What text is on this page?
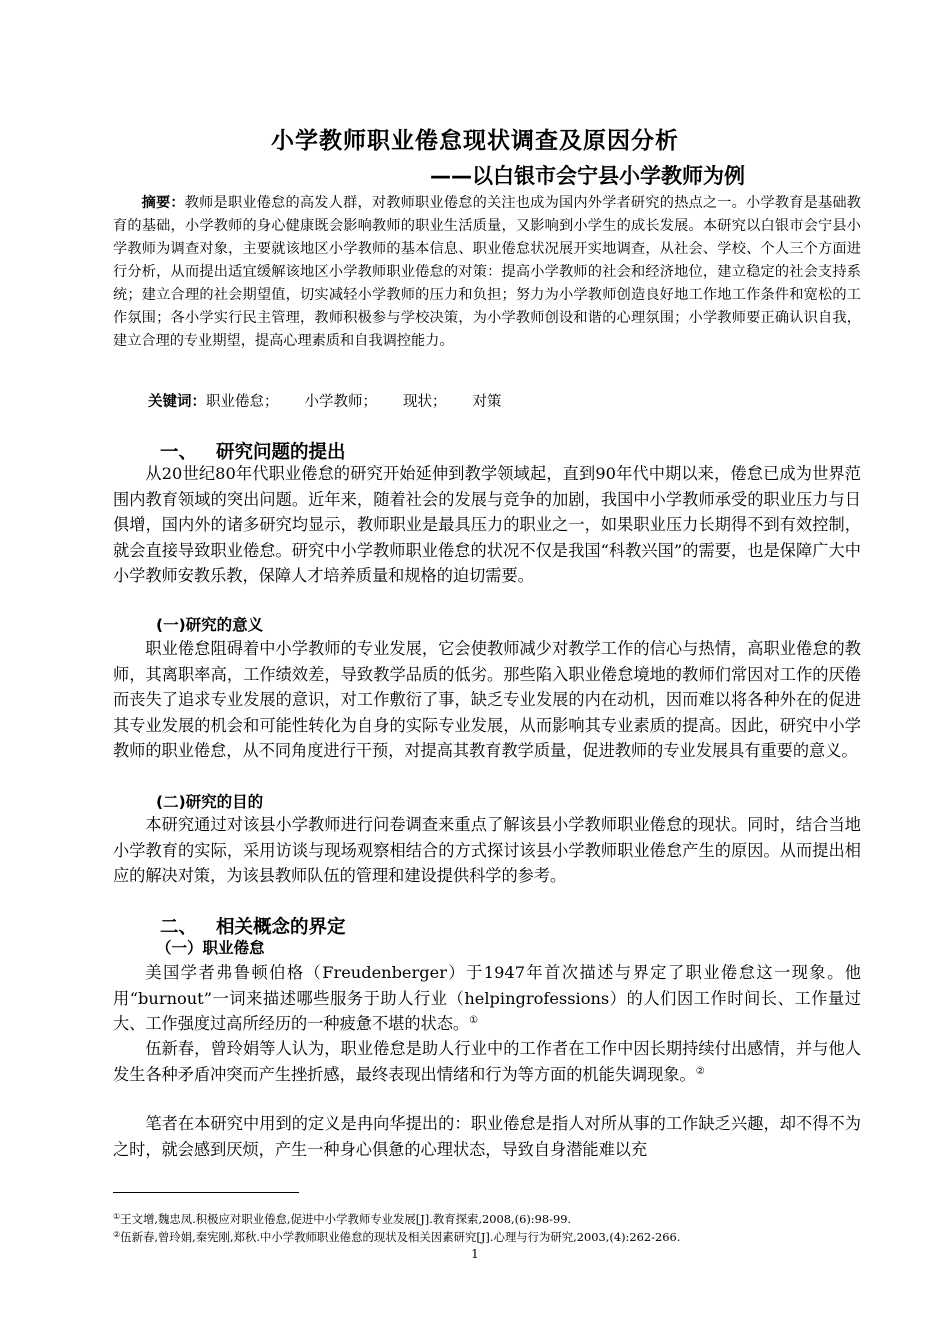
小学教师职业倦怠现状调查及原因分析
——以白银市会宁县小学教师为例
  摘要：教师是职业倦怠的高发人群，对教师职业倦怠的关注也成为国内外学者研究的热点之一。小学教育是基础教育的基础，小学教师的身心健康既会影响教师的职业生活质量，又影响到小学生的成长发展。本研究以白银市会宁县小学教师为调查对象，主要就该地区小学教师的基本信息、职业倦怠状况展开实地调查，从社会、学校、个人三个方面进行分析，从而提出适宜缓解该地区小学教师职业倦怠的对策：提高小学教师的社会和经济地位，建立稳定的社会支持系统；建立合理的社会期望值，切实减轻小学教师的压力和负担；努力为小学教师创造良好地工作地工作条件和宽松的工作氛围；各小学实行民主管理，教师积极参与学校决策，为小学教师创设和谐的心理氛围；小学教师要正确认识自我，建立合理的专业期望，提高心理素质和自我调控能力。
关键词：职业倦怠； 小学教师； 现状； 对策
一、 研究问题的提出
从20世纪80年代职业倦怠的研究开始延伸到教学领域起，直到90年代中期以来，倦怠已成为世界范围内教育领域的突出问题。近年来，随着社会的发展与竞争的加剧，我国中小学教师承受的职业压力与日俱增，国内外的诸多研究均显示，教师职业是最具压力的职业之一，如果职业压力长期得不到有效控制，就会直接导致职业倦怠。研究中小学教师职业倦怠的状况不仅是我国“科教兴国”的需要，也是保障广大中小学教师安教乐教，保障人才培养质量和规格的迫切需要。
(一)研究的意义
职业倦怠阻碍着中小学教师的专业发展，它会使教师减少对教学工作的信心与热情，高职业倦怠的教师，其离职率高，工作绩效差，导致教学品质的低劣。那些陷入职业倦怠境地的教师们常因对工作的厌倦而丧失了追求专业发展的意识，对工作敷衍了事，缺乏专业发展的内在动机，因而难以将各种外在的促进其专业发展的机会和可能性转化为自身的实际专业发展，从而影响其专业素质的提高。因此，研究中小学教师的职业倦怠，从不同角度进行干预，对提高其教育教学质量，促进教师的专业发展具有重要的意义。
(二)研究的目的
本研究通过对该县小学教师进行问卷调查来重点了解该县小学教师职业倦怠的现状。同时，结合当地小学教育的实际，采用访谈与现场观察相结合的方式探讨该县小学教师职业倦怠产生的原因。从而提出相应的解决对策，为该县教师队伍的管理和建设提供科学的参考。
二、 相关概念的界定
（一）职业倦怠
美国学者弗鲁顿伯格（Freudenberger）于1947年首次描述与界定了职业倦怠这一现象。他用“burnout”一词来描述哪些服务于助人行业（helpingrofessions）的人们因工作时间长、工作量过大、工作强度过高所经历的一种疲惫不堪的状态。①
伍新春，曾玲娟等人认为，职业倦怠是助人行业中的工作者在工作中因长期持续付出感情，并与他人发生各种矛盾冲突而产生挫折感，最终表现出情绪和行为等方面的机能失调现象。②
笔者在本研究中用到的定义是冉向华提出的：职业倦怠是指人对所从事的工作缺乏兴趣，却不得不为之时，就会感到厌烦，产生一种身心俱惫的心理状态，导致自身潜能难以充
①王文增,魏忠凤.积极应对职业倦怠,促进中小学教师专业发展[J].教育探索,2008,(6):98-99.
②伍新春,曾玲娟,秦宪刚,郑秋.中小学教师职业倦怠的现状及相关因素研究[J].心理与行为研究,2003,(4):262-266.
1
